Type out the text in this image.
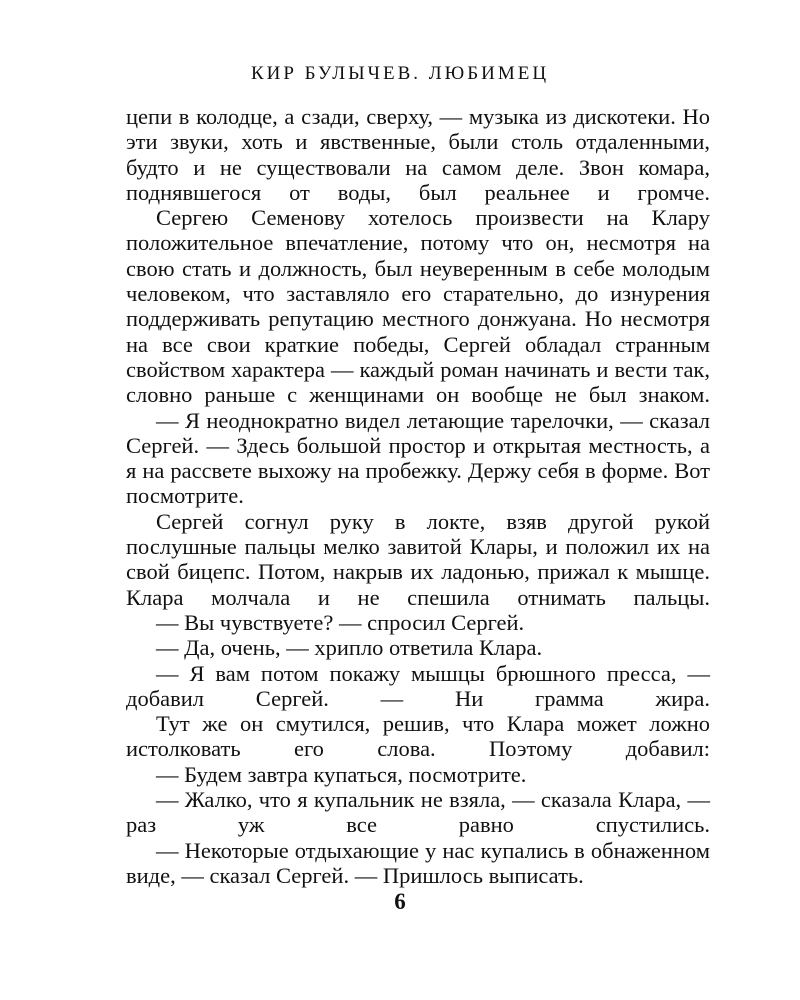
КИР БУЛЫЧЕВ. ЛЮБИМЕЦ

цепи в колодце, а сзади, сверху, — музыка из дискотеки. Но эти звуки, хоть и явственные, были столь отдаленными, будто и не существовали на самом деле. Звон комара, поднявшегося от воды, был реальнее и громче.

Сергею Семенову хотелось произвести на Клару положительное впечатление, потому что он, несмотря на свою стать и должность, был неуверенным в себе молодым человеком, что заставляло его старательно, до изнурения поддерживать репутацию местного донжуана. Но несмотря на все свои краткие победы, Сергей обладал странным свойством характера — каждый роман начинать и вести так, словно раньше с женщинами он вообще не был знаком.

— Я неоднократно видел летающие тарелочки, — сказал Сергей. — Здесь большой простор и открытая местность, а я на рассвете выхожу на пробежку. Держу себя в форме. Вот посмотрите.

Сергей согнул руку в локте, взяв другой рукой послушные пальцы мелко завитой Клары, и положил их на свой бицепс. Потом, накрыв их ладонью, прижал к мышце. Клара молчала и не спешила отнимать пальцы.

— Вы чувствуете? — спросил Сергей.

— Да, очень, — хрипло ответила Клара.

— Я вам потом покажу мышцы брюшного пресса, — добавил Сергей. — Ни грамма жира.

Тут же он смутился, решив, что Клара может ложно истолковать его слова. Поэтому добавил:

— Будем завтра купаться, посмотрите.

— Жалко, что я купальник не взяла, — сказала Клара, — раз уж все равно спустились.

— Некоторые отдыхающие у нас купались в обнаженном виде, — сказал Сергей. — Пришлось выписать.

6
